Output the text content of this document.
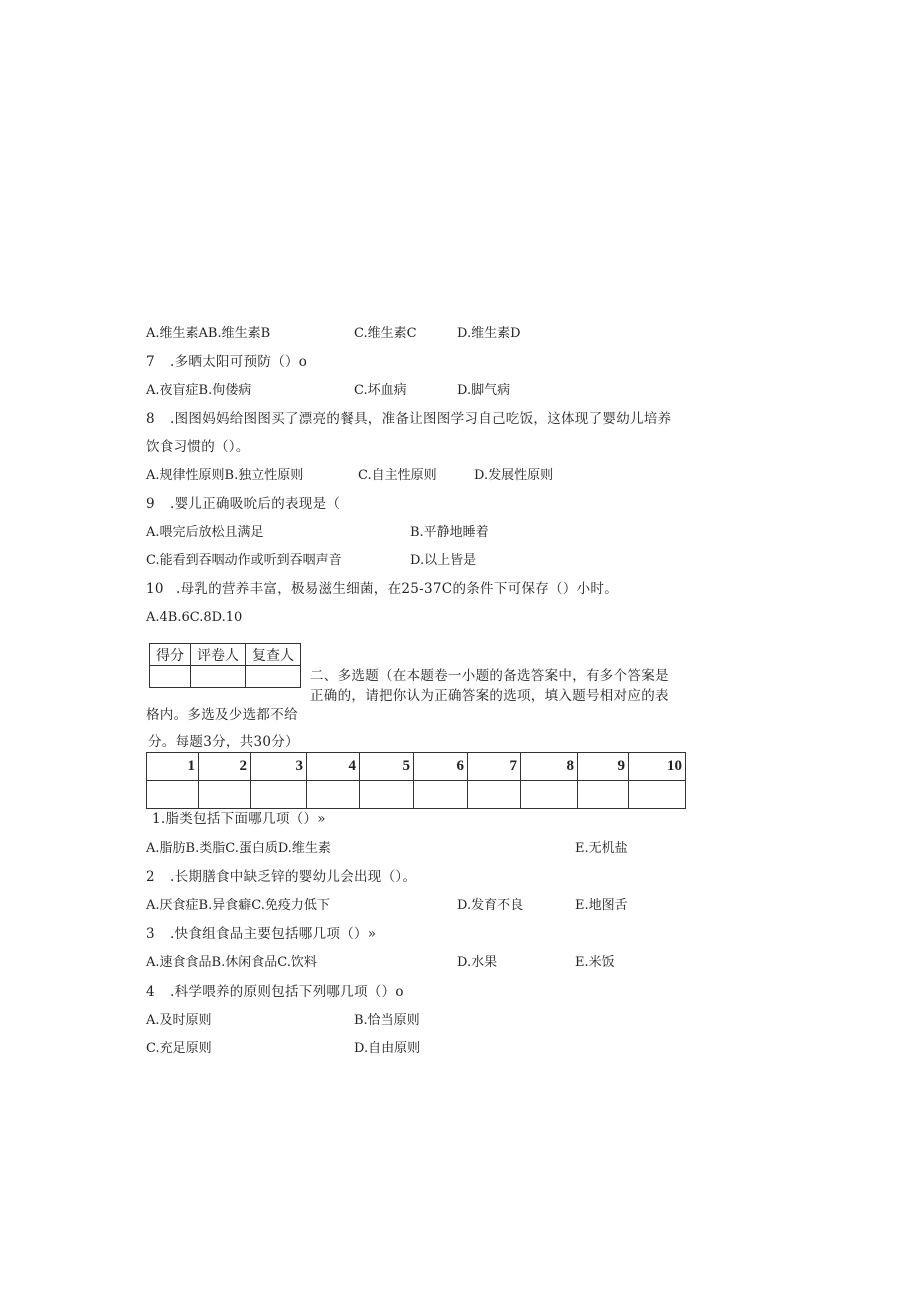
A.维生素AB.维生素B	C.维生素C	D.维生素D
7 .多晒太阳可预防（）o
A.夜盲症B.佝偻病	C.坏血病	D.脚气病
8 .图图妈妈给图图买了漂亮的餐具，准备让图图学习自己吃饭，这体现了婴幼儿培养
饮食习惯的（）。
A.规律性原则B.独立性原则	C.自主性原则	D.发展性原则
9 .婴儿正确吸吮后的表现是（
A.喂完后放松且满足	B.平静地睡着
C.能看到吞咽动作或听到吞咽声音	D.以上皆是
10 .母乳的营养丰富，极易滋生细菌，在25-37C的条件下可保存（）小时。
A.4B.6C.8D.10
得分	评卷人	复查人

二、多选题（在本题卷一小题的备选答案中，有多个答案是
正确的，请把你认为正确答案的选项，填入题号相对应的表
格内。多选及少选都不给
分。每题3分，共30分）
1	2	3	4	5	6	7	8	9	10

1.脂类包括下面哪几项（）»
A.脂肪B.类脂C.蛋白质D.维生素	E.无机盐
2 .长期膳食中缺乏锌的婴幼儿会出现（）。
A.厌食症B.异食癖C.免疫力低下	D.发育不良	E.地图舌
3 .快食组食品主要包括哪几项（）»
A.速食食品B.休闲食品C.饮料	D.水果	E.米饭
4 .科学喂养的原则包括下列哪几项（）o
A.及时原则	B.恰当原则
C.充足原则	D.自由原则
